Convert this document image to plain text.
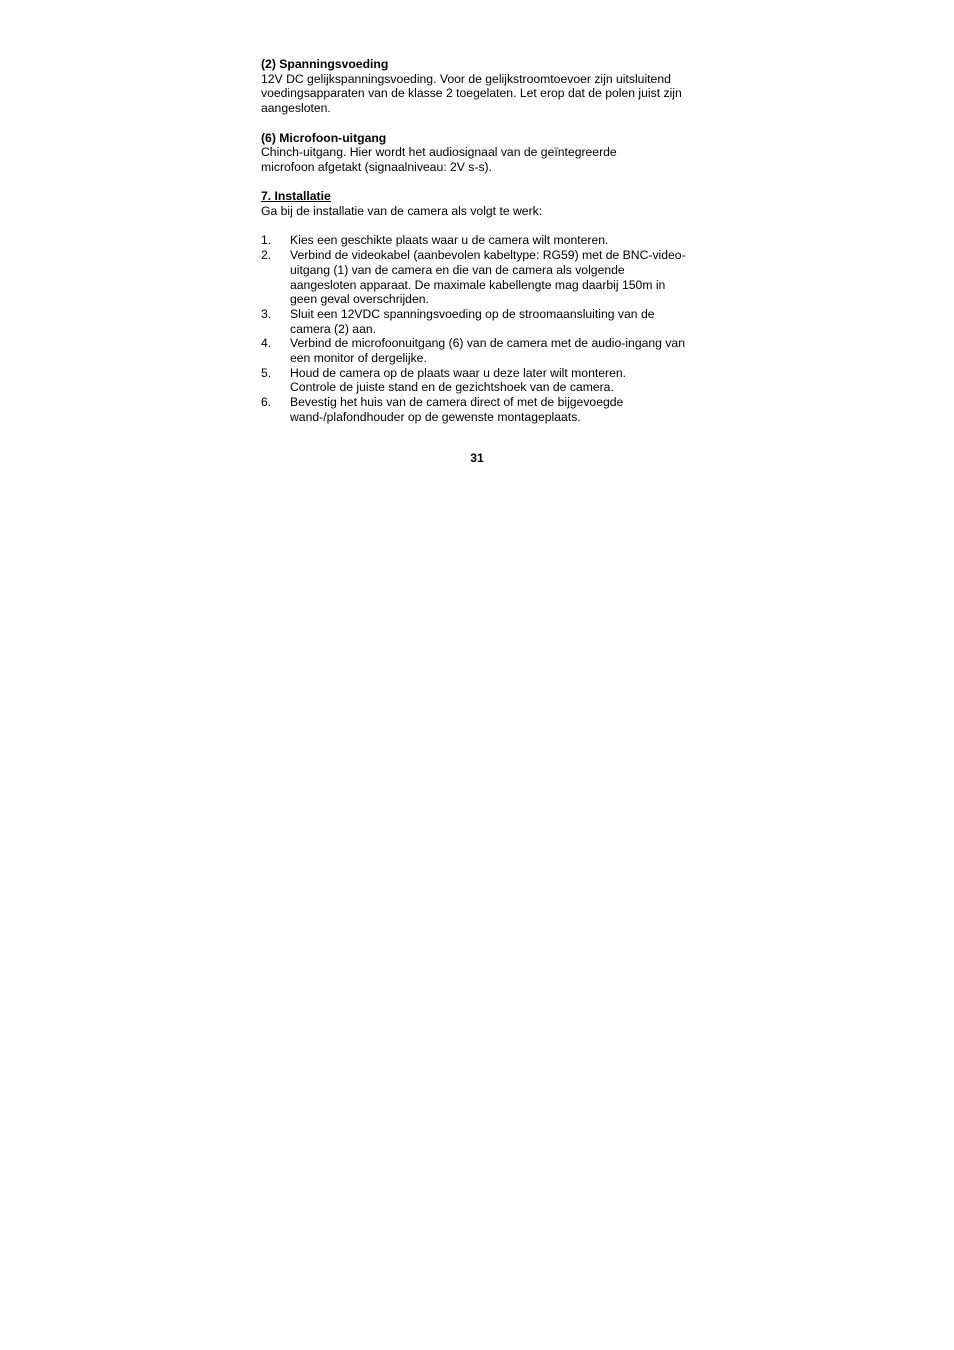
(2) Spanningsvoeding

12V DC gelijkspanningsvoeding. Voor de gelijkstroomtoevoer zijn uitsluitend voedingsapparaten van de klasse 2 toegelaten. Let erop dat de polen juist zijn aangesloten.

(6) Microfoon-uitgang

Chinch-uitgang. Hier wordt het audiosignaal van de geïntegreerde microfoon afgetakt (signaalniveau: 2V s-s).

7. Installatie

Ga bij de installatie van de camera als volgt te werk:

1.	Kies een geschikte plaats waar u de camera wilt monteren.
2.	Verbind de videokabel (aanbevolen kabeltype: RG59) met de BNC-video-uitgang (1) van de camera en die van de camera als volgende aangesloten apparaat. De maximale kabellengte mag daarbij 150m in geen geval overschrijden.
3.	Sluit een 12VDC spanningsvoeding op de stroomaansluiting van de camera (2) aan.
4.	Verbind de microfoonuitgang (6) van de camera met de audio-ingang van een monitor of dergelijke.
5.	Houd de camera op de plaats waar u deze later wilt monteren. Controle de juiste stand en de gezichtshoek van de camera.
6.	Bevestig het huis van de camera direct of met de bijgevoegde wand-/plafondhouder op de gewenste montageplaats.
31
